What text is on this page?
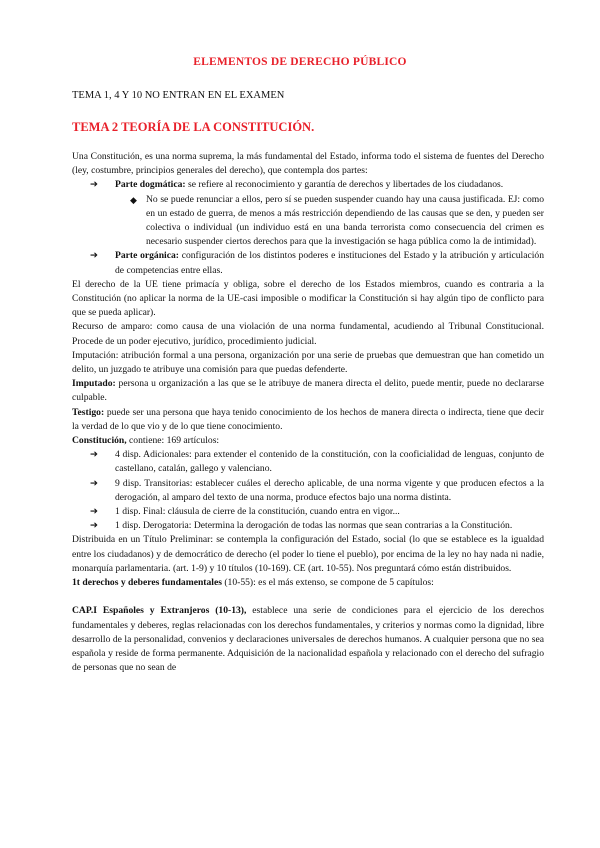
ELEMENTOS DE DERECHO PÚBLICO
TEMA 1, 4 Y 10 NO ENTRAN EN EL EXAMEN
TEMA 2 TEORÍA DE LA CONSTITUCIÓN.

Una Constitución, es una norma suprema, la más fundamental del Estado, informa todo el sistema de fuentes del Derecho (ley, costumbre, principios generales del derecho), que contempla dos partes:

➔ Parte dogmática: se refiere al reconocimiento y garantía de derechos y libertades de los ciudadanos.

◆ No se puede renunciar a ellos, pero sí se pueden suspender cuando hay una causa justificada. EJ: como en un estado de guerra, de menos a más restricción dependiendo de las causas que se den, y pueden ser colectiva o individual (un individuo está en una banda terrorista como consecuencia del crimen es necesario suspender ciertos derechos para que la investigación se haga pública como la de intimidad).

➔ Parte orgánica: configuración de los distintos poderes e instituciones del Estado y la atribución y articulación de competencias entre ellas.

El derecho de la UE tiene primacía y obliga, sobre el derecho de los Estados miembros, cuando es contraria a la Constitución (no aplicar la norma de la UE-casi imposible o modificar la Constitución si hay algún tipo de conflicto para que se pueda aplicar).

Recurso de amparo: como causa de una violación de una norma fundamental, acudiendo al Tribunal Constitucional. Procede de un poder ejecutivo, jurídico, procedimiento judicial.

Imputación: atribución formal a una persona, organización por una serie de pruebas que demuestran que han cometido un delito, un juzgado te atribuye una comisión para que puedas defenderte.

Imputado: persona u organización a las que se le atribuye de manera directa el delito, puede mentir, puede no declararse culpable.

Testigo: puede ser una persona que haya tenido conocimiento de los hechos de manera directa o indirecta, tiene que decir la verdad de lo que vio y de lo que tiene conocimiento.

Constitución, contiene: 169 artículos:

➔ 4 disp. Adicionales: para extender el contenido de la constitución, con la cooficialidad de lenguas, conjunto de castellano, catalán, gallego y valenciano.

➔ 9 disp. Transitorias: establecer cuáles el derecho aplicable, de una norma vigente y que producen efectos a la derogación, al amparo del texto de una norma, produce efectos bajo una norma distinta.

➔ 1 disp. Final: cláusula de cierre de la constitución, cuando entra en vigor...

➔ 1 disp. Derogatoria: Determina la derogación de todas las normas que sean contrarias a la Constitución.

Distribuida en un Título Preliminar: se contempla la configuración del Estado, social (lo que se establece es la igualdad entre los ciudadanos) y de democrático de derecho (el poder lo tiene el pueblo), por encima de la ley no hay nada ni nadie, monarquía parlamentaria. (art. 1-9) y 10 títulos (10-169). CE (art. 10-55). Nos preguntará cómo están distribuidos.

1t derechos y deberes fundamentales (10-55): es el más extenso, se compone de 5 capítulos:

CAP.I Españoles y Extranjeros (10-13), establece una serie de condiciones para el ejercicio de los derechos fundamentales y deberes, reglas relacionadas con los derechos fundamentales, y criterios y normas como la dignidad, libre desarrollo de la personalidad, convenios y declaraciones universales de derechos humanos. A cualquier persona que no sea española y reside de forma permanente. Adquisición de la nacionalidad española y relacionado con el derecho del sufragio de personas que no sean de
